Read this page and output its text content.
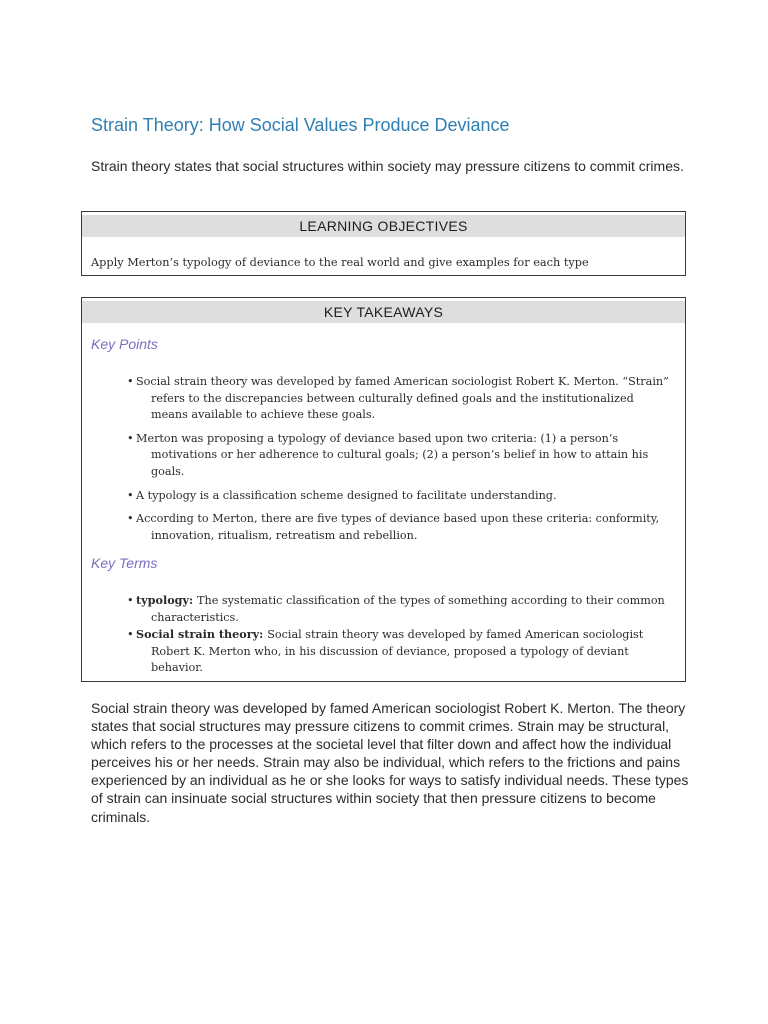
Strain Theory: How Social Values Produce Deviance

Strain theory states that social structures within society may pressure citizens to commit crimes.

LEARNING OBJECTIVES
Apply Merton’s typology of deviance to the real world and give examples for each type
KEY TAKEAWAYS
Key Points
• Social strain theory was developed by famed American sociologist Robert K. Merton. “Strain” refers to the discrepancies between culturally defined goals and the institutionalized means available to achieve these goals.
• Merton was proposing a typology of deviance based upon two criteria: (1) a person’s motivations or her adherence to cultural goals; (2) a person’s belief in how to attain his goals.
• A typology is a classification scheme designed to facilitate understanding.
• According to Merton, there are five types of deviance based upon these criteria: conformity, innovation, ritualism, retreatism and rebellion.
Key Terms
• typology: The systematic classification of the types of something according to their common characteristics.
• Social strain theory: Social strain theory was developed by famed American sociologist Robert K. Merton who, in his discussion of deviance, proposed a typology of deviant behavior.

Social strain theory was developed by famed American sociologist Robert K. Merton. The theory states that social structures may pressure citizens to commit crimes. Strain may be structural, which refers to the processes at the societal level that filter down and affect how the individual perceives his or her needs. Strain may also be individual, which refers to the frictions and pains experienced by an individual as he or she looks for ways to satisfy individual needs. These types of strain can insinuate social structures within society that then pressure citizens to become criminals.
